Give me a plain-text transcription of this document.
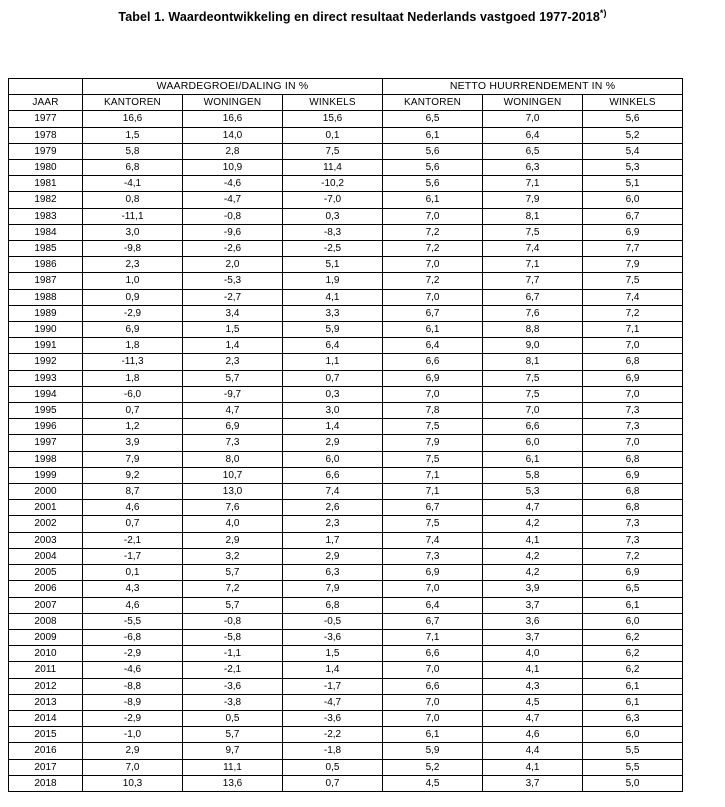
Tabel 1. Waardeontwikkeling en direct resultaat Nederlands vastgoed 1977-2018*)
	WAARDEGROEI/DALING IN %			NETTO HUURRENDEMENT IN %		
JAAR	KANTOREN	WONINGEN	WINKELS	KANTOREN	WONINGEN	WINKELS
1977	16,6	16,6	15,6	6,5	7,0	5,6
1978	1,5	14,0	0,1	6,1	6,4	5,2
1979	5,8	2,8	7,5	5,6	6,5	5,4
1980	6,8	10,9	11,4	5,6	6,3	5,3
1981	-4,1	-4,6	-10,2	5,6	7,1	5,1
1982	0,8	-4,7	-7,0	6,1	7,9	6,0
1983	-11,1	-0,8	0,3	7,0	8,1	6,7
1984	3,0	-9,6	-8,3	7,2	7,5	6,9
1985	-9,8	-2,6	-2,5	7,2	7,4	7,7
1986	2,3	2,0	5,1	7,0	7,1	7,9
1987	1,0	-5,3	1,9	7,2	7,7	7,5
1988	0,9	-2,7	4,1	7,0	6,7	7,4
1989	-2,9	3,4	3,3	6,7	7,6	7,2
1990	6,9	1,5	5,9	6,1	8,8	7,1
1991	1,8	1,4	6,4	6,4	9,0	7,0
1992	-11,3	2,3	1,1	6,6	8,1	6,8
1993	1,8	5,7	0,7	6,9	7,5	6,9
1994	-6,0	-9,7	0,3	7,0	7,5	7,0
1995	0,7	4,7	3,0	7,8	7,0	7,3
1996	1,2	6,9	1,4	7,5	6,6	7,3
1997	3,9	7,3	2,9	7,9	6,0	7,0
1998	7,9	8,0	6,0	7,5	6,1	6,8
1999	9,2	10,7	6,6	7,1	5,8	6,9
2000	8,7	13,0	7,4	7,1	5,3	6,8
2001	4,6	7,6	2,6	6,7	4,7	6,8
2002	0,7	4,0	2,3	7,5	4,2	7,3
2003	-2,1	2,9	1,7	7,4	4,1	7,3
2004	-1,7	3,2	2,9	7,3	4,2	7,2
2005	0,1	5,7	6,3	6,9	4,2	6,9
2006	4,3	7,2	7,9	7,0	3,9	6,5
2007	4,6	5,7	6,8	6,4	3,7	6,1
2008	-5,5	-0,8	-0,5	6,7	3,6	6,0
2009	-6,8	-5,8	-3,6	7,1	3,7	6,2
2010	-2,9	-1,1	1,5	6,6	4,0	6,2
2011	-4,6	-2,1	1,4	7,0	4,1	6,2
2012	-8,8	-3,6	-1,7	6,6	4,3	6,1
2013	-8,9	-3,8	-4,7	7,0	4,5	6,1
2014	-2,9	0,5	-3,6	7,0	4,7	6,3
2015	-1,0	5,7	-2,2	6,1	4,6	6,0
2016	2,9	9,7	-1,8	5,9	4,4	5,5
2017	7,0	11,1	0,5	5,2	4,1	5,5
2018	10,3	13,6	0,7	4,5	3,7	5,0
